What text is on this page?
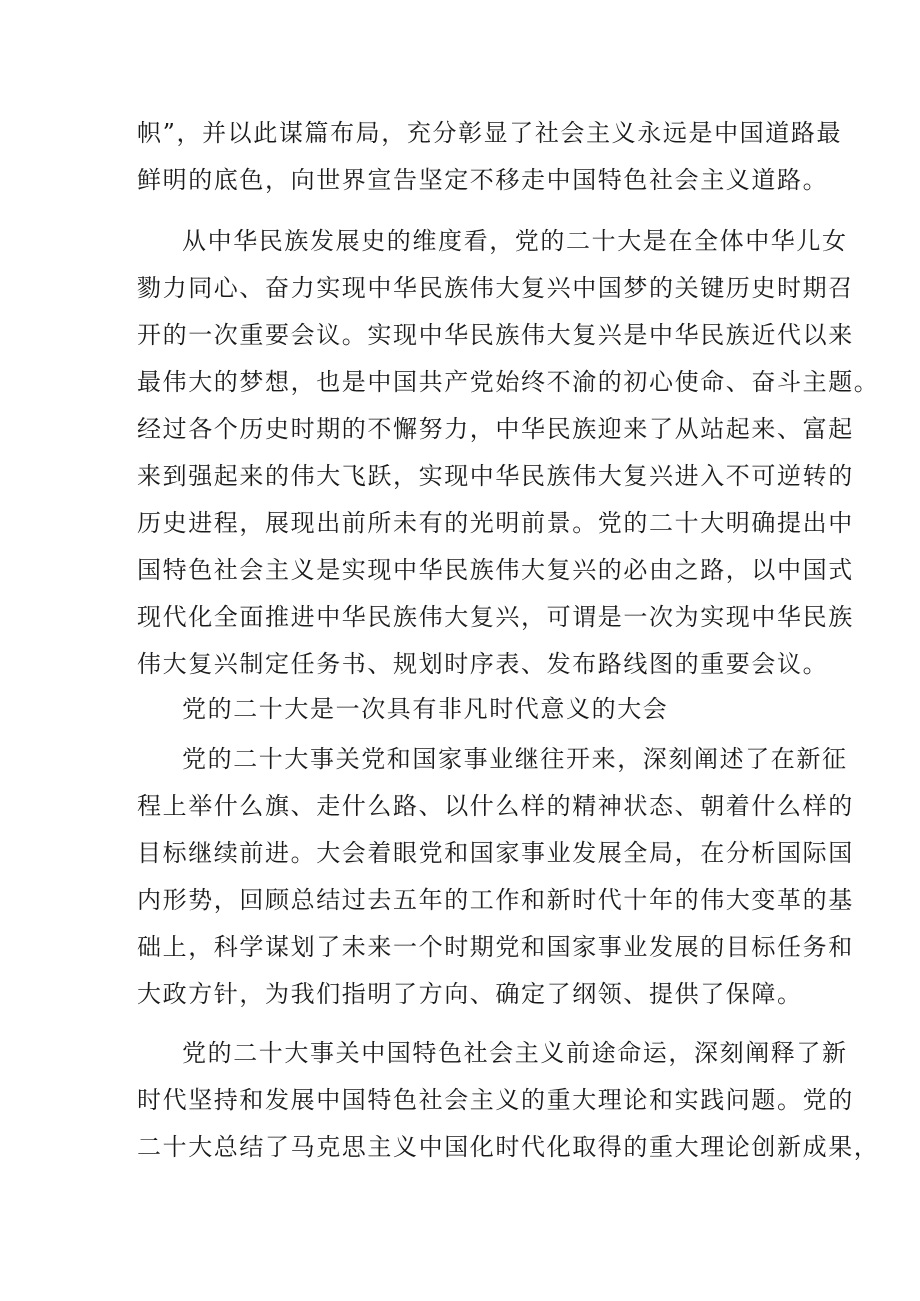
帜”，并以此谋篇布局，充分彰显了社会主义永远是中国道路最
鲜明的底色，向世界宣告坚定不移走中国特色社会主义道路。
从中华民族发展史的维度看，党的二十大是在全体中华儿女
勠力同心、奋力实现中华民族伟大复兴中国梦的关键历史时期召
开的一次重要会议。实现中华民族伟大复兴是中华民族近代以来
最伟大的梦想，也是中国共产党始终不渝的初心使命、奋斗主题。
经过各个历史时期的不懈努力，中华民族迎来了从站起来、富起
来到强起来的伟大飞跃，实现中华民族伟大复兴进入不可逆转的
历史进程，展现出前所未有的光明前景。党的二十大明确提出中
国特色社会主义是实现中华民族伟大复兴的必由之路，以中国式
现代化全面推进中华民族伟大复兴，可谓是一次为实现中华民族
伟大复兴制定任务书、规划时序表、发布路线图的重要会议。
党的二十大是一次具有非凡时代意义的大会
党的二十大事关党和国家事业继往开来，深刻阐述了在新征
程上举什么旗、走什么路、以什么样的精神状态、朝着什么样的
目标继续前进。大会着眼党和国家事业发展全局，在分析国际国
内形势，回顾总结过去五年的工作和新时代十年的伟大变革的基
础上，科学谋划了未来一个时期党和国家事业发展的目标任务和
大政方针，为我们指明了方向、确定了纲领、提供了保障。
党的二十大事关中国特色社会主义前途命运，深刻阐释了新
时代坚持和发展中国特色社会主义的重大理论和实践问题。党的
二十大总结了马克思主义中国化时代化取得的重大理论创新成果，
